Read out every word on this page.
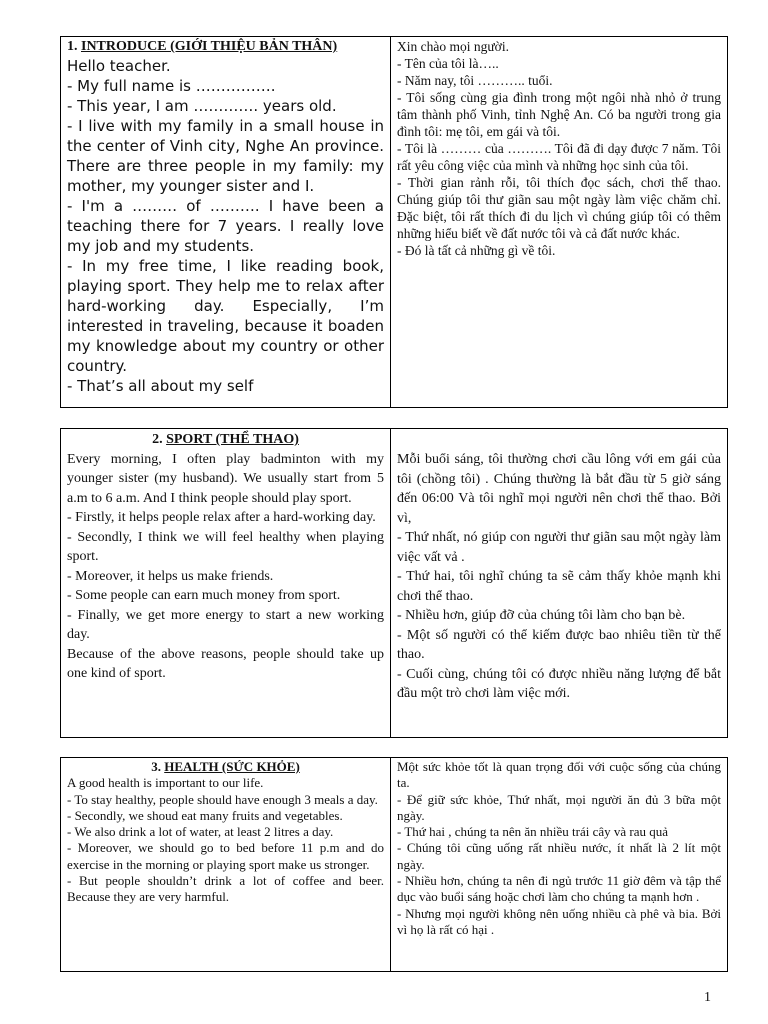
1. INTRODUCE (GIỚI THIỆU BẢN THÂN)

Hello teacher.

- My full name is …………….

- This year, I am …………. years old.

- I live with my family in a small house in the center of Vinh city, Nghe An province. There are three people in my family: my mother, my younger sister and I.

- I'm a ……… of ………. I have been a teaching there for 7 years. I really love my job and my students.

- In my free time, I like reading book, playing sport. They help me to relax after hard-working day. Especially, I’m interested in traveling, because it boaden my knowledge about my country or other country.

- That’s all about my self

Xin chào mọi người.

- Tên của tôi là…..

- Năm nay, tôi ……….. tuổi.

- Tôi sống cùng gia đình trong một ngôi nhà nhỏ ở trung tâm thành phố Vinh, tỉnh Nghệ An. Có ba người trong gia đình tôi: mẹ tôi, em gái và tôi.

- Tôi là ……… của ………. Tôi đã đi dạy được 7 năm. Tôi rất yêu công việc của mình và những học sinh của tôi.

- Thời gian rảnh rỗi, tôi thích đọc sách, chơi thể thao. Chúng giúp tôi thư giãn sau một ngày làm việc chăm chỉ. Đặc biệt, tôi rất thích đi du lịch vì chúng giúp tôi có thêm những hiểu biết về đất nước tôi và cả đất nước khác.

- Đó là tất cả những gì về tôi.

2. SPORT (THỂ THAO)

Every morning, I often play badminton with my younger sister (my husband). We usually start from 5 a.m to 6 a.m. And I think people should play sport.

- Firstly, it helps people relax after a hard-working day.

- Secondly, I think we will feel healthy when playing sport.

- Moreover, it helps us make friends.

- Some people can earn much money from sport.

- Finally, we get more energy to start a new working day.

Because of the above reasons, people should take up one kind of sport.

Mỗi buổi sáng, tôi thường chơi cầu lông với em gái của tôi (chồng tôi) . Chúng thường là bắt đầu từ 5 giờ sáng đến 06:00 Và tôi nghĩ mọi người nên chơi thể thao. Bởi vì,

- Thứ nhất, nó giúp con người thư giãn sau một ngày làm việc vất vả .

- Thứ hai, tôi nghĩ chúng ta sẽ cảm thấy khỏe mạnh khi chơi thể thao.

- Nhiều hơn, giúp đỡ của chúng tôi làm cho bạn bè.

- Một số người có thể kiếm được bao nhiêu tiền từ thể thao.

- Cuối cùng, chúng tôi có được nhiều năng lượng để bắt đầu một trò chơi làm việc mới.

3. HEALTH (SỨC KHỎE)

A good health is important to our life.

- To stay healthy, people should have enough 3 meals a day.

- Secondly, we shoud eat many fruits and vegetables.

- We also drink a lot of water, at least 2 litres a day.

- Moreover, we should go to bed before 11 p.m and do exercise in the morning or playing sport make us stronger.

- But people shouldn’t drink a lot of coffee and beer. Because they are very harmful.

Một sức khỏe tốt là quan trọng đối với cuộc sống của chúng ta.

- Để giữ sức khỏe, Thứ nhất, mọi người ăn đủ 3 bữa một ngày.

- Thứ hai , chúng ta nên ăn nhiều trái cây và rau quả

- Chúng tôi cũng uống rất nhiều nước, ít nhất là 2 lít một ngày.

- Nhiều hơn, chúng ta nên đi ngủ trước 11 giờ đêm và tập thể dục vào buổi sáng hoặc chơi làm cho chúng ta mạnh hơn .

- Nhưng mọi người không nên uống nhiều cà phê và bia. Bởi vì họ là rất có hại .

1
